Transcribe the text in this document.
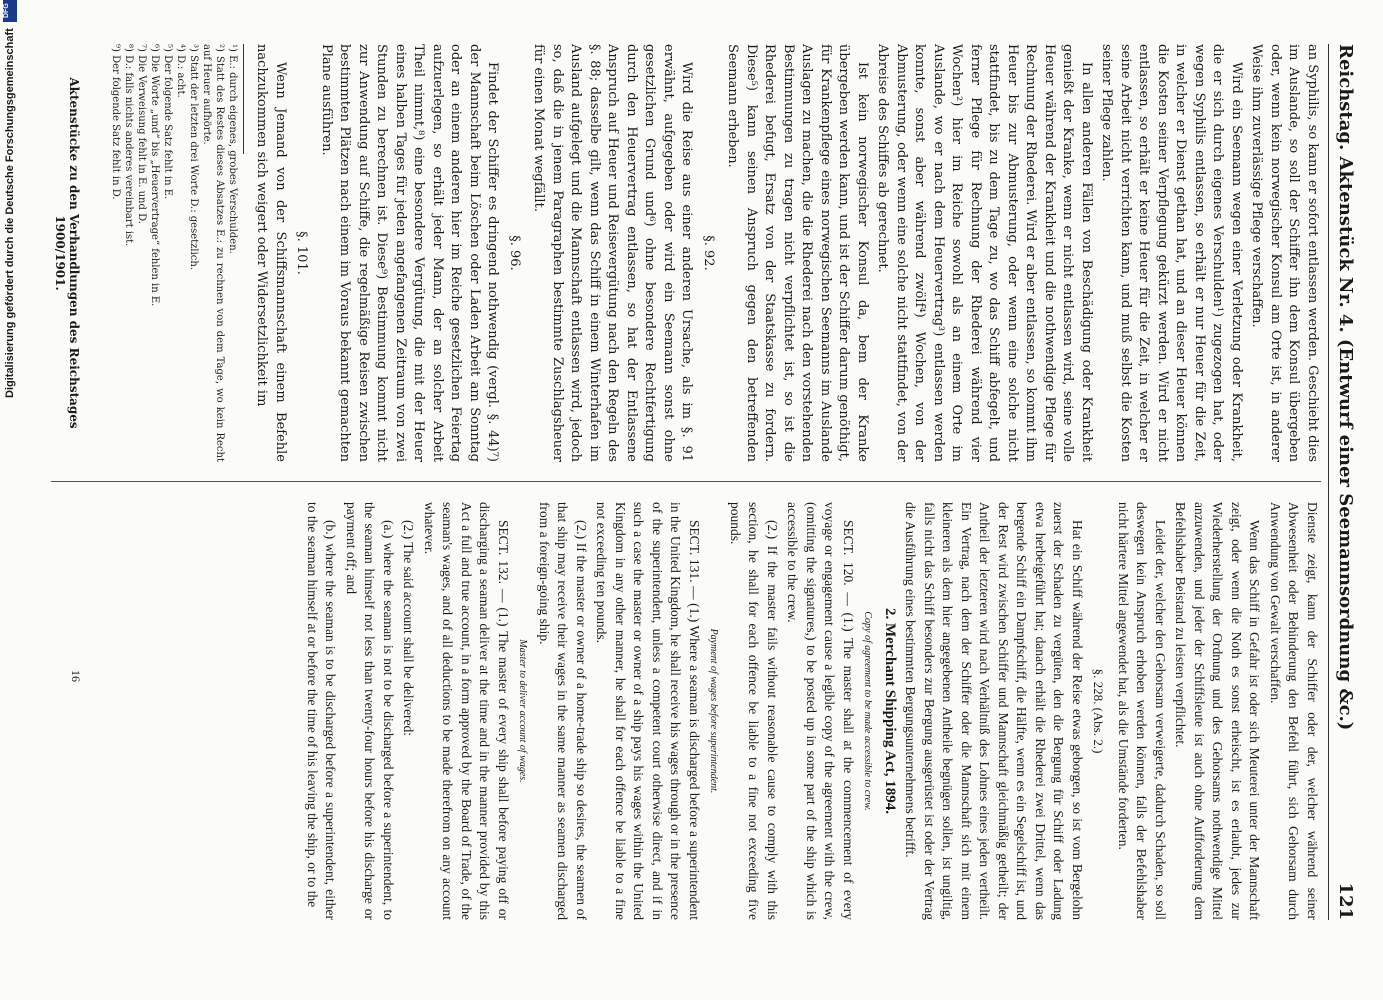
Reichstag. Aktenstück Nr. 4. (Entwurf einer Seemannsordnung &c.)
121

an Syphilis, so kann er sofort entlassen werden. Geschieht dies im Auslande, so soll der Schiffer ihn dem Konsul übergeben oder, wenn kein norwegischer Konsul am Orte ist, in anderer Weise ihm zuverlässige Pflege verschaffen.

Wird ein Seemann wegen einer Verletzung oder Krankheit, die er sich durch eigenes Verschulden¹) zugezogen hat, oder wegen Syphilis entlassen, so erhält er nur Heuer für die Zeit, in welcher er Dienst gethan hat, und an dieser Heuer können die Kosten seiner Verpflegung gekürzt werden. Wird er nicht entlassen, so erhält er keine Heuer für die Zeit, in welcher er seine Arbeit nicht verrichten kann, und muß selbst die Kosten seiner Pflege zahlen.

In allen anderen Fällen von Beschädigung oder Krankheit genießt der Kranke, wenn er nicht entlassen wird, seine volle Heuer während der Krankheit und die nothwendige Pflege für Rechnung der Rhederei. Wird er aber entlassen, so kommt ihm Heuer bis zur Abmusterung, oder wenn eine solche nicht stattfindet, bis zu dem Tage zu, wo das Schiff abfegelt, und ferner Pflege für Rechnung der Rhederei während vier Wochen²) hier im Reiche sowohl als an einem Orte im Auslande, wo er nach dem Heuervertrag³) entlassen werden konnte, sonst aber während zwölf⁴) Wochen, von der Abmusterung, oder wenn eine solche nicht stattfindet, von der Abreise des Schiffes ab gerechnet.

Ist kein norwegischer Konsul da, bem der Kranke übergeben werden kann, und ist der Schiffer darum genöthigt, für Krankenpflege eines norwegischen Seemanns im Auslande Auslagen zu machen, die die Rhederei nach den vorstehenden Bestimmungen zu tragen nicht verpflichtet ist, so ist die Rhederei befugt, Ersatz von der Staatskasse zu fordern. Diese⁵) kann seinen Anspruch gegen den betreffenden Seemann erheben.

§. 92.

Wird die Reise aus einer anderen Ursache, als im §. 91 erwähnt, aufgegeben oder wird ein Seemann sonst ohne gesetzlichen Grund und⁶) ohne besondere Rechtfertigung durch den Heuervertrag entlassen, so hat der Entlassene Anspruch auf Heuer und Reisevergütung nach den Regeln des §. 88; dasselbe gilt, wenn das Schiff in einem Winterhafen im Ausland aufgelegt und die Mannschaft entlassen wird, jedoch so, daß die in jenem Paragraphen bestimmte Zuschlagsheuer für einen Monat wegfällt.

§. 96.

Findet der Schiffer es dringend nothwendig (vergl. §. 44)⁷) der Mannschaft beim Löschen oder Laden Arbeit am Sonntag oder an einem anderen hier im Reiche gesetzlichen Feiertag aufzuerlegen, so erhält jeder Mann, der an solcher Arbeit Theil nimmt,⁸) eine besondere Vergütung, die mit der Heuer eines halben Tages für jeden angefangenen Zeitraum von zwei Stunden zu berechnen ist. Diese⁹) Bestimmung kommt nicht zur Anwendung auf Schiffe, die regelmäßige Reisen zwischen bestimmten Plätzen nach einem im Voraus bekannt gemachten Plane ausführen.

§. 101.

Wenn Jemand von der Schiffsmannschaft einem Befehle nachzukommen sich weigert oder Widersetzlichkeit im

¹) E.: durch eigenes, grobes Verschulden.
²) Statt des Restes dieses Absatzes E.: zu rechnen von dem Tage, wo kein Recht auf Heuer aufhörte.
³) Statt der letzten drei Worte D.: gesetzlich.
⁴) D.: acht.
⁵) Der folgende Satz fehlt in E.
⁶) Die Worte „und“ bis „Heuervertrage“ fehlen in E.
⁷) Die Verweisung fehlt in E. und D.
⁸) D.: falls nichts anderes vereinbart ist.
⁹) Der folgende Satz fehlt in D.
Aktenstücke zu den Verhandlungen des Reichstages 1900/1901.

Dienste zeigt, kann der Schiffer oder der, welcher während seiner Abwesenheit oder Behinderung den Befehl führt, sich Gehorsam durch Anwendung von Gewalt verschaffen.

Wenn das Schiff in Gefahr ist oder sich Meuterei unter der Mannschaft zeigt, oder wenn die Noth es sonst erheischt, ist es erlaubt, jedes zur Wiederherstellung der Ordnung und des Gehorsams nothwendige Mittel anzuwenden, und jeder der Schiffsleute ist auch ohne Aufforderung dem Befehlshaber Beistand zu leisten verpflichtet.

Leidet der, welcher den Gehorsam verweigerte, dadurch Schaden, so soll deswegen kein Anspruch erhoben werden können, falls der Befehlshaber nicht härtere Mittel angewendet hat, als die Umstände forderten.

§. 228. (Abs. 2.)

Hat ein Schiff während der Reise etwas geborgen, so ist vom Bergelohn zuerst der Schaden zu vergüten, den die Bergung für Schiff oder Ladung etwa herbeigeführt hat; danach erhält die Rhederei zwei Drittel, wenn das bergende Schiff ein Dampfschiff, die Hälfte, wenn es ein Segelschiff ist, und der Rest wird zwischen Schiffer und Mannschaft gleichmäßig getheilt; der Antheil der letzteren wird nach Verhältniß des Lohnes eines jeden vertheilt. Ein Vertrag, nach dem der Schiffer oder die Mannschaft sich mit einem kleineren als dem hier angegebenen Antheile begnügen sollen, ist ungiltig, falls nicht das Schiff besonders zur Bergung ausgerüstet ist oder der Vertrag die Ausführung eines bestimmten Bergungsunternehmens betrifft.

2. Merchant Shipping Act, 1894.
Copy of agreement to be made accessible to crew.

SECT. 120. — (1.) The master shall at the commencement of every voyage or engagement cause a legible copy of the agreement with the crew, (omitting the signatures,) to be posted up in some part of the ship which is accessible to the crew.

(2.) If the master fails without reasonable cause to comply with this section, he shall for each offence be liable to a fine not exceeding five pounds.

Payment of wages before superintendent.

SECT. 131. — (1.) Where a seaman is discharged before a superintendent in the United Kingdom, he shall receive his wages through or in the presence of the superintendent, unless a competent court otherwise direct, and if in such a case the master or owner of a ship pays his wages within the United Kingdom in any other manner, he shall for each offence be liable to a fine not exceeding ten pounds.

(2.) If the master or owner of a home-trade ship so desires, the seamen of that ship may receive their wages in the same manner as seamen discharged from a foreign-going ship.

Master to deliver account of wages.

SECT. 132. — (1.) The master of every ship shall before paying off or discharging a seaman deliver at the time and in the manner provided by this Act a full and true account, in a form approved by the Board of Trade, of the seaman's wages, and of all deductions to be made therefrom on any account whatever.

(2.) The said account shall be delivered:

(a.) where the seaman is not to be discharged before a superintendent, to the seaman himself not less than twenty-four hours before his discharge or payment off; and

(b.) where the seaman is to be discharged before a superintendent, either to the seaman himself at or before the time of his leaving the ship, or to the

16
Digitalisierung gefördert durch die Deutsche Forschungsgemeinschaft
DFG
